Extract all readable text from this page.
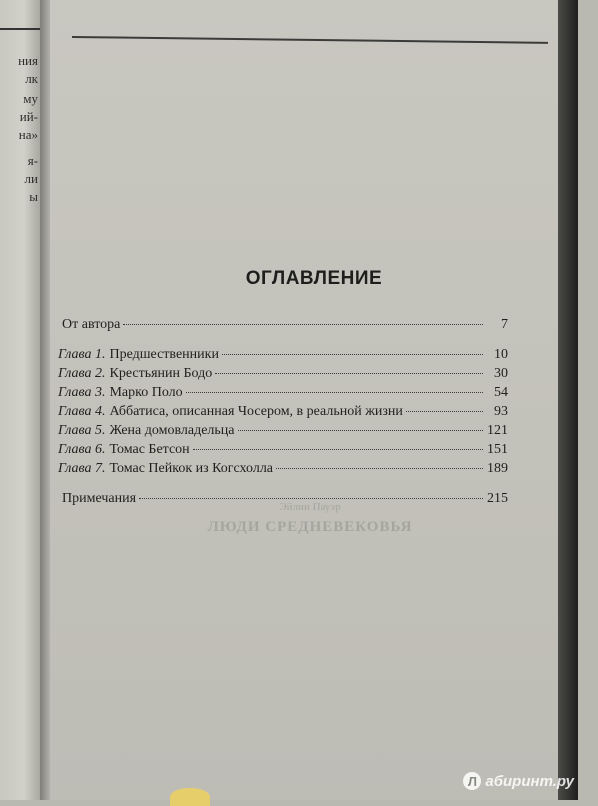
ния
лк
му
ий-
на»
я-
ли
ы
ОГЛАВЛЕНИЕ
От автора	7
Глава 1. Предшественники	10
Глава 2. Крестьянин Бодо	30
Глава 3. Марко Поло	54
Глава 4. Аббатиса, описанная Чосером, в реальной жизни	93
Глава 5. Жена домовладельца	121
Глава 6. Томас Бетсон	151
Глава 7. Томас Пейкок из Когсхолла	189
Примечания	215
Эйлин Пауэр
ЛЮДИ СРЕДНЕВЕКОВЬЯ
Л абиринт.ру
